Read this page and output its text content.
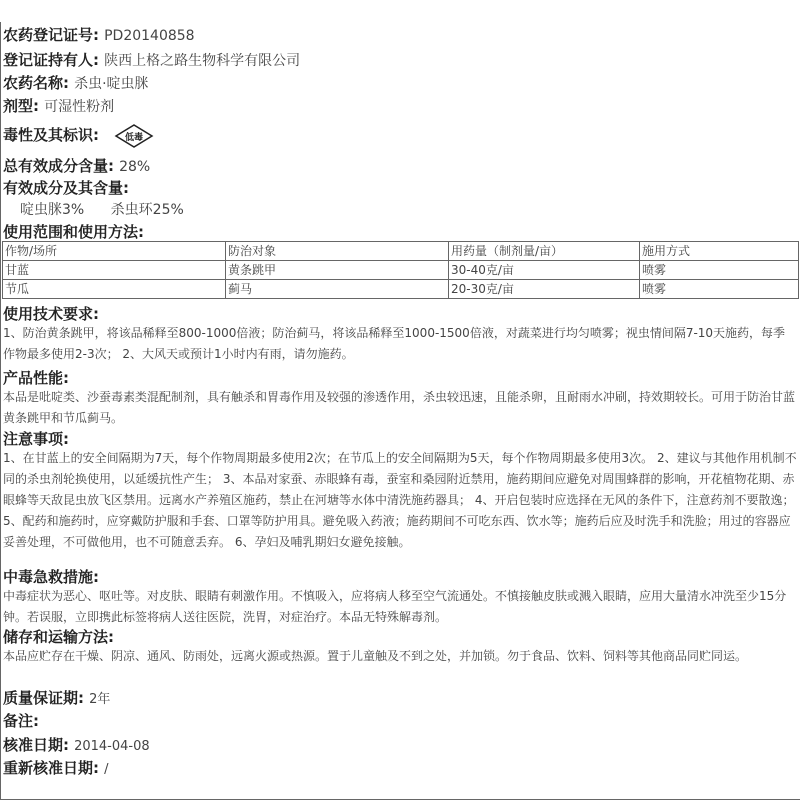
农药登记证号: PD20140858
登记证持有人: 陕西上格之路生物科学有限公司
农药名称: 杀虫·啶虫脒
剂型: 可湿性粉剂
毒性及其标识:	低毒
总有效成分含量: 28%
有效成分及其含量:
啶虫脒3% 杀虫环25%
使用范围和使用方法:
作物/场所	防治对象	用药量（制剂量/亩）	施用方式
甘蓝	黄条跳甲	30-40克/亩	喷雾
节瓜	蓟马	20-30克/亩	喷雾
使用技术要求:
1、防治黄条跳甲，将该品稀释至800-1000倍液；防治蓟马，将该品稀释至1000-1500倍液，对蔬菜进行均匀喷雾；视虫情间隔7-10天施药，每季作物最多使用2-3次； 2、大风天或预计1小时内有雨，请勿施药。
产品性能:
本品是吡啶类、沙蚕毒素类混配制剂，具有触杀和胃毒作用及较强的渗透作用，杀虫较迅速，且能杀卵，且耐雨水冲刷，持效期较长。可用于防治甘蓝黄条跳甲和节瓜蓟马。
注意事项:
1、在甘蓝上的安全间隔期为7天，每个作物周期最多使用2次；在节瓜上的安全间隔期为5天，每个作物周期最多使用3次。 2、建议与其他作用机制不同的杀虫剂轮换使用，以延缓抗性产生； 3、本品对家蚕、赤眼蜂有毒，蚕室和桑园附近禁用，施药期间应避免对周围蜂群的影响，开花植物花期、赤眼蜂等天敌昆虫放飞区禁用。远离水产养殖区施药，禁止在河塘等水体中清洗施药器具； 4、开启包装时应选择在无风的条件下，注意药剂不要散逸； 5、配药和施药时，应穿戴防护服和手套、口罩等防护用具。避免吸入药液；施药期间不可吃东西、饮水等；施药后应及时洗手和洗脸；用过的容器应妥善处理，不可做他用，也不可随意丢弃。 6、孕妇及哺乳期妇女避免接触。
中毒急救措施:
中毒症状为恶心、呕吐等。对皮肤、眼睛有刺激作用。不慎吸入，应将病人移至空气流通处。不慎接触皮肤或溅入眼睛，应用大量清水冲洗至少15分钟。若误服，立即携此标签将病人送往医院，洗胃，对症治疗。本品无特殊解毒剂。
储存和运输方法:
本品应贮存在干燥、阴凉、通风、防雨处，远离火源或热源。置于儿童触及不到之处，并加锁。勿于食品、饮料、饲料等其他商品同贮同运。
质量保证期: 2年
备注:
核准日期: 2014-04-08
重新核准日期: /
